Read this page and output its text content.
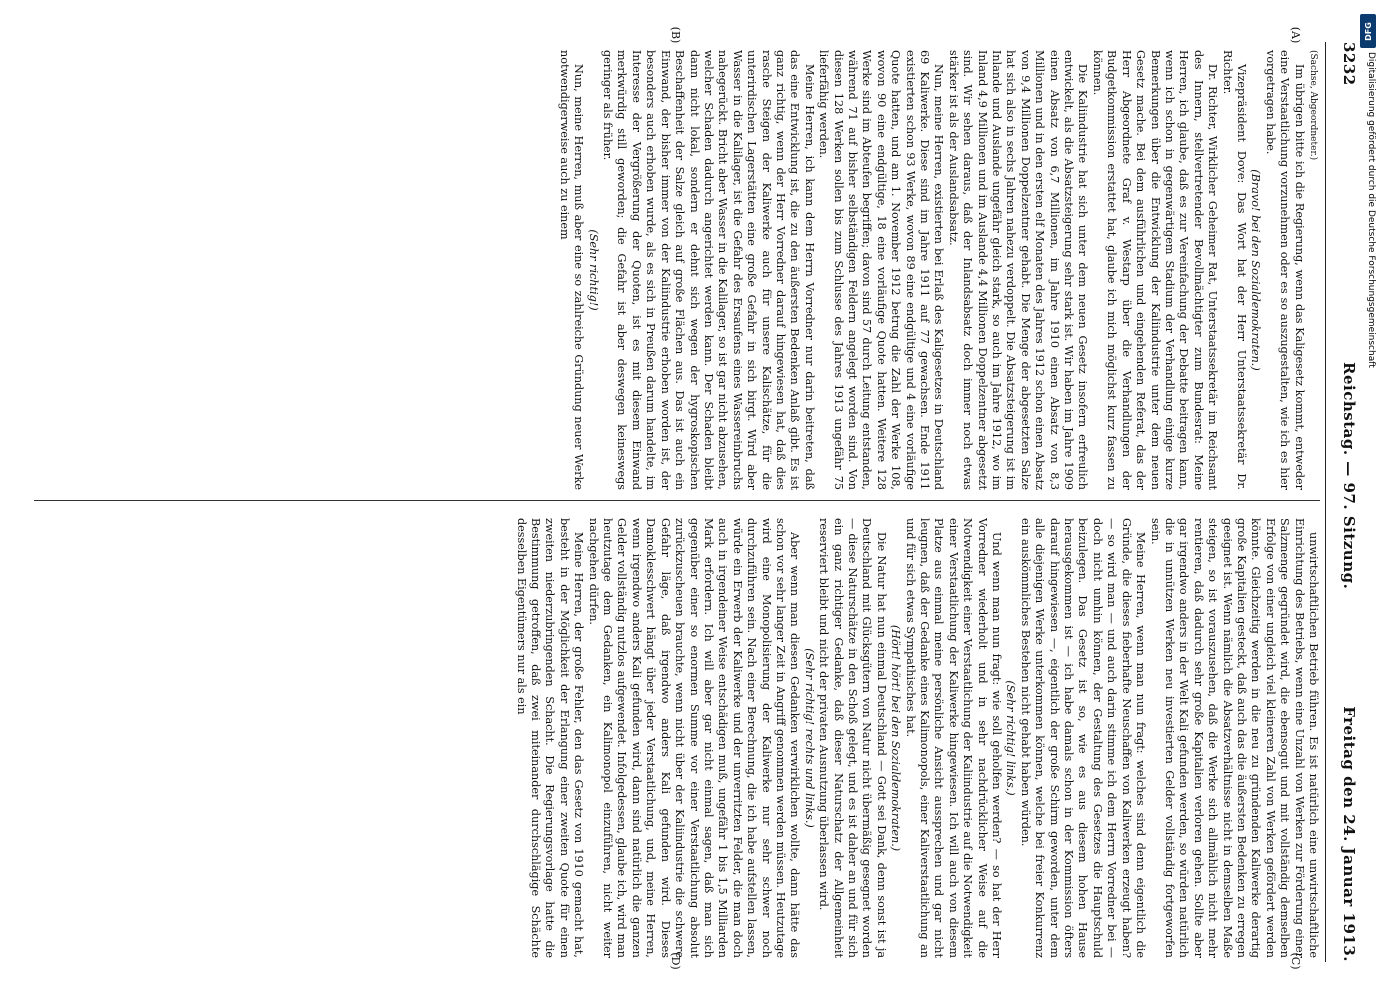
3232
Reichstag. — 97. Sitzung.
Freitag den 24. Januar 1913.
(A)
(B)
(C)
(D)

(Sachse, Abgeordneter.)

Im übrigen bitte ich die Regierung, wenn das Kaligesetz kommt, entweder eine Verstaatlichung vorzunehmen oder es so auszugestalten, wie ich es hier vorgetragen habe.

(Bravo! bei den Sozialdemokraten.)

Vizepräsident Dove: Das Wort hat der Herr Unterstaatssekretär Dr. Richter.

Dr. Richter, Wirklicher Geheimer Rat, Unterstaatssekretär im Reichsamt des Innern, stellvertretender Bevollmächtigter zum Bundesrat: Meine Herren, ich glaube, daß es zur Vereinfachung der Debatte beitragen kann, wenn ich schon in gegenwärtigem Stadium der Verhandlung einige kurze Bemerkungen über die Entwicklung der Kaliindustrie unter dem neuen Gesetz mache. Bei dem ausführlichen und eingehenden Referat, das der Herr Abgeordnete Graf v. Westarp über die Verhandlungen der Budgetkommission erstattet hat, glaube ich mich möglichst kurz fassen zu können.

Die Kaliindustrie hat sich unter dem neuen Gesetz insofern erfreulich entwickelt, als die Absatzsteigerung sehr stark ist. Wir haben im Jahre 1909 einen Absatz von 6,7 Millionen, im Jahre 1910 einen Absatz von 8,3 Millionen und in den ersten elf Monaten des Jahres 1912 schon einen Absatz von 9,4 Millionen Doppelzentner gehabt. Die Menge der abgesetzten Salze hat sich also in sechs Jahren nahezu verdoppelt. Die Absatzsteigerung ist im Inlande und Auslande ungefähr gleich stark, so auch im Jahre 1912, wo im Inland 4,9 Millionen und im Auslande 4,4 Millionen Doppelzentner abgesetzt sind. Wir sehen daraus, daß der Inlandsabsatz doch immer noch etwas stärker ist als der Auslandsabsatz.

Nun, meine Herren, existierten bei Erlaß des Kaligesetzes in Deutschland 69 Kaliwerke. Diese sind im Jahre 1911 auf 77 gewachsen. Ende 1911 existierten schon 93 Werke, wovon 89 eine endgültige und 4 eine vorläufige Quote hatten, und am 1. November 1912 betrug die Zahl der Werke 108, wovon 90 eine endgültige, 18 eine vorläufige Quote hatten. Weitere 128 Werke sind im Abteufen begriffen; davon sind 57 durch Leitung entstanden, während 71 auf bisher selbständigen Feldern angelegt worden sind. Von diesen 128 Werken sollen bis zum Schlusse des Jahres 1913 ungefähr 75 lieferfähig werden.

Meine Herren, ich kann dem Herrn Vorredner nur darin beitreten, daß das eine Entwicklung ist, die zu den äußersten Bedenken Anlaß gibt. Es ist ganz richtig, wenn der Herr Vorredner darauf hingewiesen hat, daß dies rasche Steigen der Kaliwerke auch für unsere Kalischätze, für die unterirdischen Lagerstätten eine große Gefahr in sich birgt. Wird aber Wasser in die Kalilager, ist die Gefahr des Ersaufens eines Wassereinbruchs nahegerückt. Bricht aber Wasser in die Kalilager, so ist gar nicht abzusehen, welcher Schaden dadurch angerichtet werden kann. Der Schaden bleibt dann nicht lokal, sondern er dehnt sich wegen der hygroskopischen Beschaffenheit der Salze gleich auf große Flächen aus. Das ist auch ein Einwand, der bisher immer von der Kaliindustrie erhoben worden ist, der besonders auch erhoben wurde, als es sich in Preußen darum handelte, im Interesse der Vergrößerung der Quoten, ist es mit diesem Einwand merkwürdig still geworden; die Gefahr ist aber deswegen keineswegs geringer als früher.

(Sehr richtig!)

Nun, meine Herren, muß aber eine so zahlreiche Gründung neuer Werke notwendigerweise auch zu einem

unwirtschaftlichen Betrieb führen. Es ist natürlich eine unwirtschaftliche Einrichtung des Betriebs, wenn eine Unzahl von Werken zur Förderung einer Salzmenge gegründet wird, die ebensogut und mit vollständig demselben Erfolge von einer ungleich viel kleineren Zahl von Werken gefördert werden könnte. Gleichzeitig werden in die neu zu gründenden Kaliwerke derartig große Kapitalien gesteckt, daß auch das die äußersten Bedenken zu erregen geeignet ist. Wenn nämlich die Absatzverhältnisse nicht in demselben Maße steigen, so ist vorauszusehen, daß die Werke sich allmählich nicht mehr rentieren, daß dadurch sehr große Kapitalien verloren gehen. Sollte aber gar irgendwo anders in der Welt Kali gefunden werden, so würden natürlich die in unnützen Werken neu investierten Gelder vollständig fortgeworfen sein.

Meine Herren, wenn man nun fragt: welches sind denn eigentlich die Gründe, die dieses fieberhafte Neuschaffen von Kaliwerken erzeugt haben? — so wird man — und auch darin stimme ich dem Herrn Vorredner bei — doch nicht umhin können, der Gestaltung des Gesetzes die Hauptschuld beizulegen. Das Gesetz ist so, wie es aus diesem hohen Hause herausgekommen ist — ich habe damals schon in der Kommission öfters darauf hingewiesen —, eigentlich der große Schirm geworden, unter dem alle diejenigen Werke unterkommen können, welche bei freier Konkurrenz ein auskömmliches Bestehen nicht gehabt haben würden.

(Sehr richtig! links.)

Und wenn man nun fragt: wie soll geholfen werden? — so hat der Herr Vorredner wiederholt und in sehr nachdrücklicher Weise auf die Notwendigkeit einer Verstaatlichung der Kaliindustrie auf die Notwendigkeit einer Verstaatlichung der Kaliwerke hingewiesen. Ich will auch von diesem Platze aus einmal meine persönliche Ansicht aussprechen und gar nicht leugnen, daß der Gedanke eines Kalimonopols, einer Kaliverstaatlichung an und für sich etwas Sympathisches hat.

(Hört! hört! bei den Sozialdemokraten.)

Die Natur hat nun einmal Deutschland — Gott sei Dank, denn sonst ist ja Deutschland mit Glücksgütern von Natur nicht übermäßig gesegnet worden — diese Naturschätze in den Schoß gelegt, und es ist daher an und für sich ein ganz richtiger Gedanke, daß dieser Naturschatz der Allgemeinheit reserviert bleibt und nicht der privaten Ausnutzung überlassen wird.

(Sehr richtig! rechts und links.)

Aber wenn man diesen Gedanken verwirklichen wollte, dann hätte das schon vor sehr langer Zeit in Angriff genommen werden müssen. Heutzutage wird eine Monopolisierung der Kaliwerke nur sehr schwer noch durchzuführen sein. Nach einer Berechnung, die ich habe aufstellen lassen, würde ein Erwerb der Kaliwerke und der unverritzten Felder, die man doch auch in irgendeiner Weise entschädigen muß, ungefähr 1 bis 1,5 Milliarden Mark erfordern. Ich will aber gar nicht einmal sagen, daß man sich gegenüber einer so enormen Summe vor einer Verstaatlichung absolut zurückzuscheuen brauchte, wenn nicht über der Kaliindustrie die schwere Gefahr läge, daß irgendwo anders Kali gefunden wird. Dieses Damoklesschwert hängt über jeder Verstaatlichung, und, meine Herren, wenn irgendwo anders Kali gefunden wird, dann sind natürlich die ganzen Gelder vollständig nutzlos aufgewendet. Infolgedessen, glaube ich, wird man heutzutage dem Gedanken, ein Kalimonopol einzuführen, nicht weiter nachgehen dürfen.

Meine Herren, der große Fehler, den das Gesetz von 1910 gemacht hat, besteht in der Möglichkeit der Erlangung einer zweiten Quote für einen zweiten niederzubringenden Schacht. Die Regierungsvorlage hatte die Bestimmung getroffen, daß zwei miteinander durchschlägige Schächte desselben Eigentümers nur als ein

DFG
Digitalisierung gefördert durch die Deutsche Forschungsgemeinschaft
